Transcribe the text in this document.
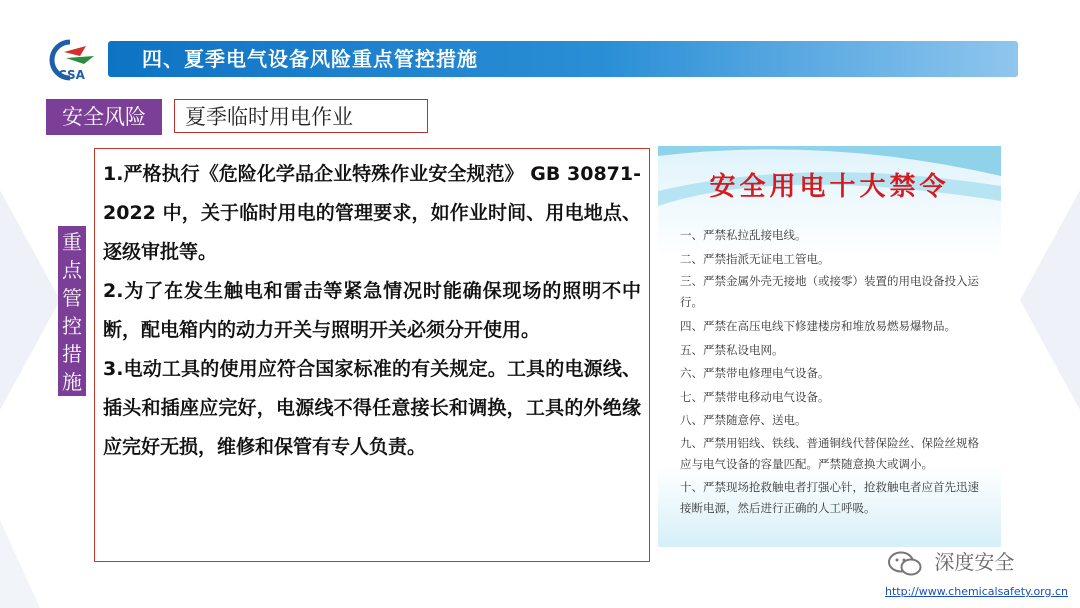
CSA
四、夏季电气设备风险重点管控措施
安全风险	夏季临时用电作业
重
点
管
控
措
施

1.严格执行《危险化学品企业特殊作业安全规范》 GB 30871-2022 中，关于临时用电的管理要求，如作业时间、用电地点、逐级审批等。

2.为了在发生触电和雷击等紧急情况时能确保现场的照明不中断，配电箱内的动力开关与照明开关必须分开使用。

3.电动工具的使用应符合国家标准的有关规定。工具的电源线、插头和插座应完好，电源线不得任意接长和调换，工具的外绝缘应完好无损，维修和保管有专人负责。

安全用电十大禁令
一、严禁私拉乱接电线。
二、严禁指派无证电工管电。
三、严禁金属外壳无接地（或接零）装置的用电设备投入运行。
四、严禁在高压电线下修建楼房和堆放易燃易爆物品。
五、严禁私设电网。
六、严禁带电修理电气设备。
七、严禁带电移动电气设备。
八、严禁随意停、送电。
九、严禁用铝线、铁线、普通铜线代替保险丝、保险丝规格应与电气设备的容量匹配。严禁随意换大或调小。
十、严禁现场抢救触电者打强心针，抢救触电者应首先迅速接断电源，然后进行正确的人工呼吸。
深度安全
http://www.chemicalsafety.org.cn
